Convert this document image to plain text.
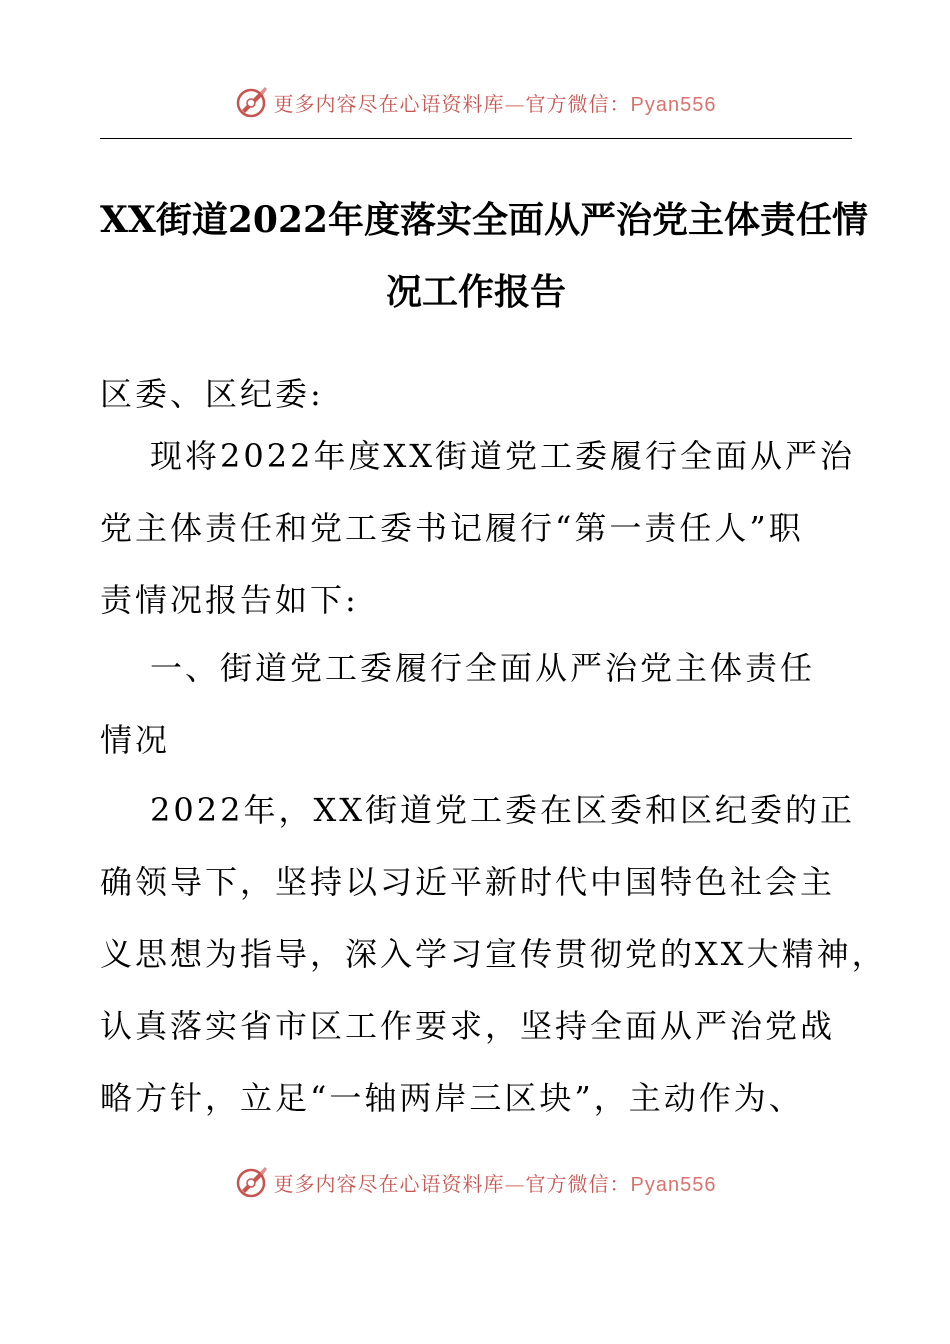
更多内容尽在心语资料库—官方微信：Pyan556
XX街道2022年度落实全面从严治党主体责任情
况工作报告
区委、区纪委:
现将2022年度XX街道党工委履行全面从严治
党主体责任和党工委书记履行“第一责任人”职
责情况报告如下:
一、街道党工委履行全面从严治党主体责任
情况
2022年，XX街道党工委在区委和区纪委的正
确领导下，坚持以习近平新时代中国特色社会主
义思想为指导，深入学习宣传贯彻党的XX大精神，
认真落实省市区工作要求，坚持全面从严治党战
略方针，立足“一轴两岸三区块”，主动作为、
更多内容尽在心语资料库—官方微信：Pyan556
